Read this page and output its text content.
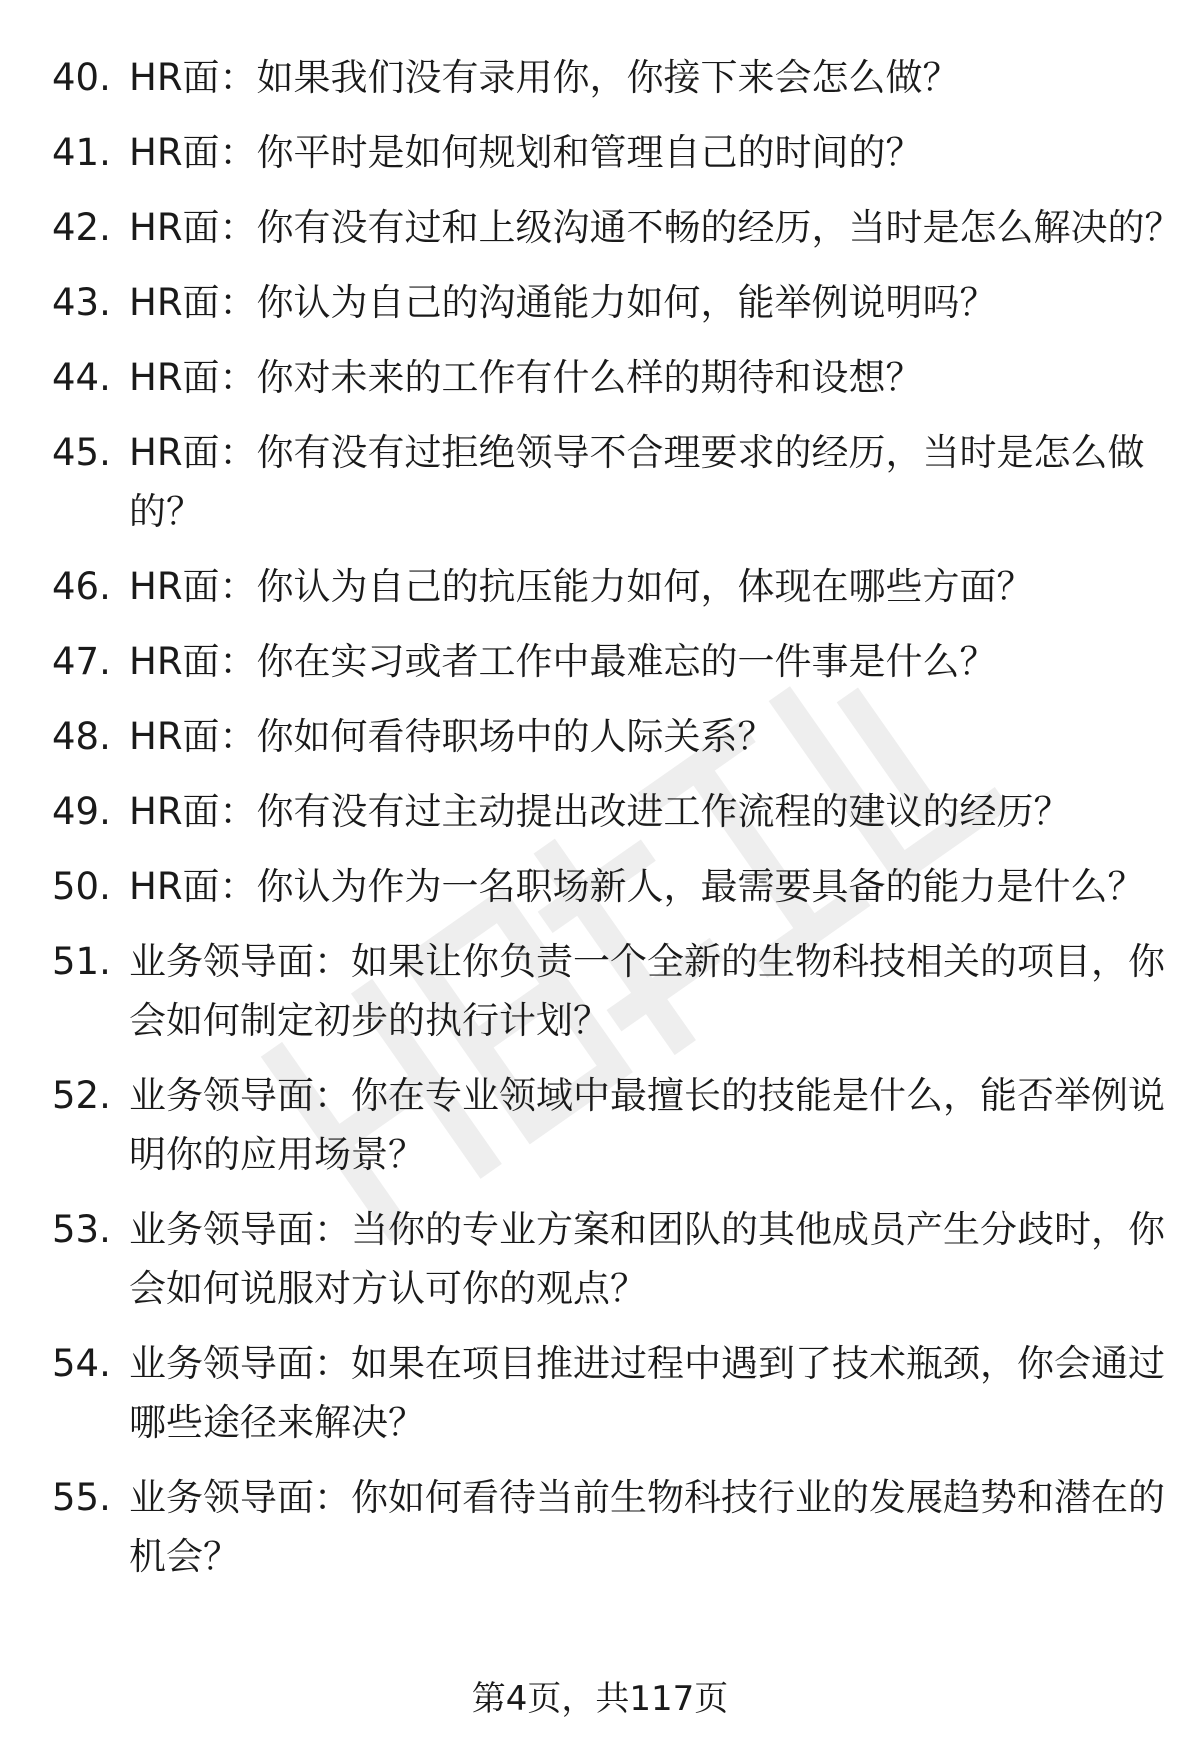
40. HR面：如果我们没有录用你，你接下来会怎么做？
41. HR面：你平时是如何规划和管理自己的时间的？
42. HR面：你有没有过和上级沟通不畅的经历，当时是怎么解决的？
43. HR面：你认为自己的沟通能力如何，能举例说明吗？
44. HR面：你对未来的工作有什么样的期待和设想？
45. HR面：你有没有过拒绝领导不合理要求的经历，当时是怎么做
的？
46. HR面：你认为自己的抗压能力如何，体现在哪些方面？
47. HR面：你在实习或者工作中最难忘的一件事是什么？
48. HR面：你如何看待职场中的人际关系？
49. HR面：你有没有过主动提出改进工作流程的建议的经历？
50. HR面：你认为作为一名职场新人，最需要具备的能力是什么？
51. 业务领导面：如果让你负责一个全新的生物科技相关的项目，你
会如何制定初步的执行计划？
52. 业务领导面：你在专业领域中最擅长的技能是什么，能否举例说
明你的应用场景？
53. 业务领导面：当你的专业方案和团队的其他成员产生分歧时，你
会如何说服对方认可你的观点？
54. 业务领导面：如果在项目推进过程中遇到了技术瓶颈，你会通过
哪些途径来解决？
55. 业务领导面：你如何看待当前生物科技行业的发展趋势和潜在的
机会？
第4页，共117页
